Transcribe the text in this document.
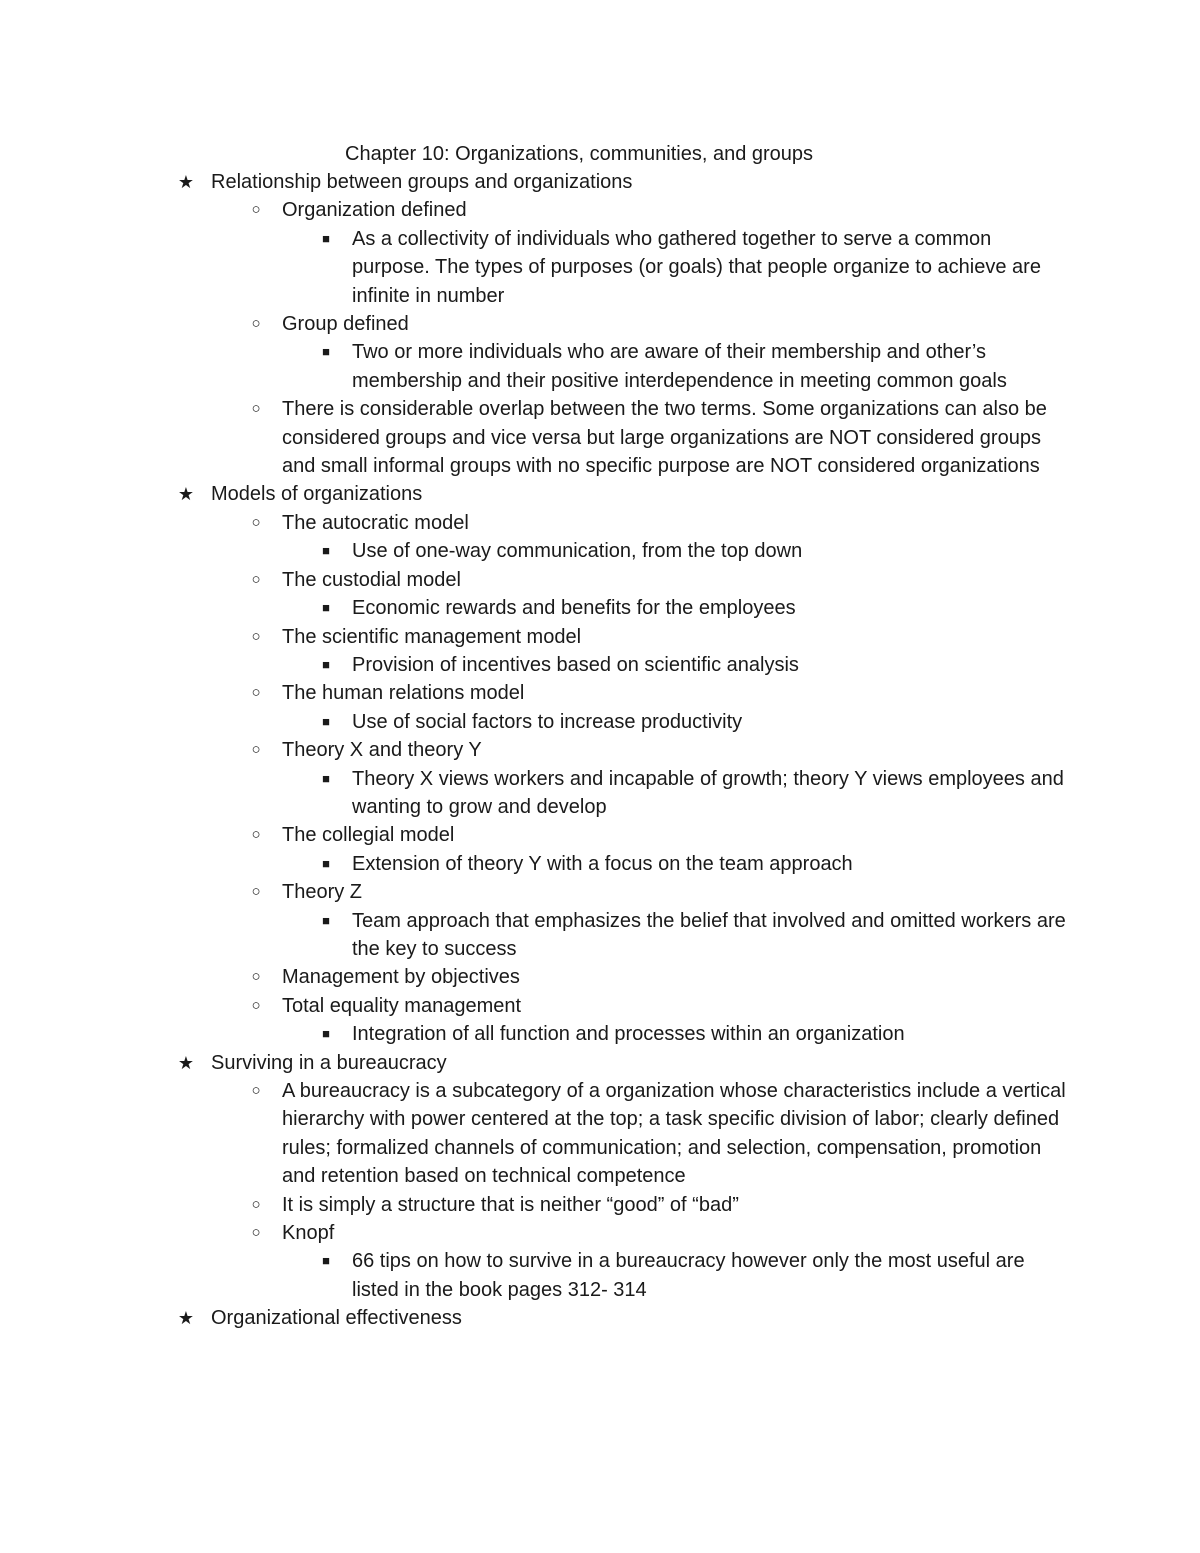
Chapter 10: Organizations, communities, and groups
★ Relationship between groups and organizations
○	Organization defined
■	As a collectivity of individuals who gathered together to serve a common purpose. The types of purposes (or goals) that people organize to achieve are infinite in number
○	Group defined
■	Two or more individuals who are aware of their membership and other’s membership and their positive interdependence in meeting common goals
○	There is considerable overlap between the two terms. Some organizations can also be considered groups and vice versa but large organizations are NOT considered groups and small informal groups with no specific purpose are NOT considered organizations
★ Models of organizations
○	The autocratic model
■	Use of one-way communication, from the top down
○	The custodial model
■	Economic rewards and benefits for the employees
○	The scientific management model
■	Provision of incentives based on scientific analysis
○	The human relations model
■	Use of social factors to increase productivity
○	Theory X and theory Y
■	Theory X views workers and incapable of growth; theory Y views employees and wanting to grow and develop
○	The collegial model
■	Extension of theory Y with a focus on the team approach
○	Theory Z
■	Team approach that emphasizes the belief that involved and omitted workers are the key to success
○	Management by objectives
○	Total equality management
■	Integration of all function and processes within an organization
★ Surviving in a bureaucracy
○	A bureaucracy is a subcategory of a organization whose characteristics include a vertical hierarchy with power centered at the top; a task specific division of labor; clearly defined rules; formalized channels of communication; and selection, compensation, promotion and retention based on technical competence
○	It is simply a structure that is neither “good” of “bad”
○	Knopf
■	66 tips on how to survive in a bureaucracy however only the most useful are listed in the book pages 312- 314
★ Organizational effectiveness
